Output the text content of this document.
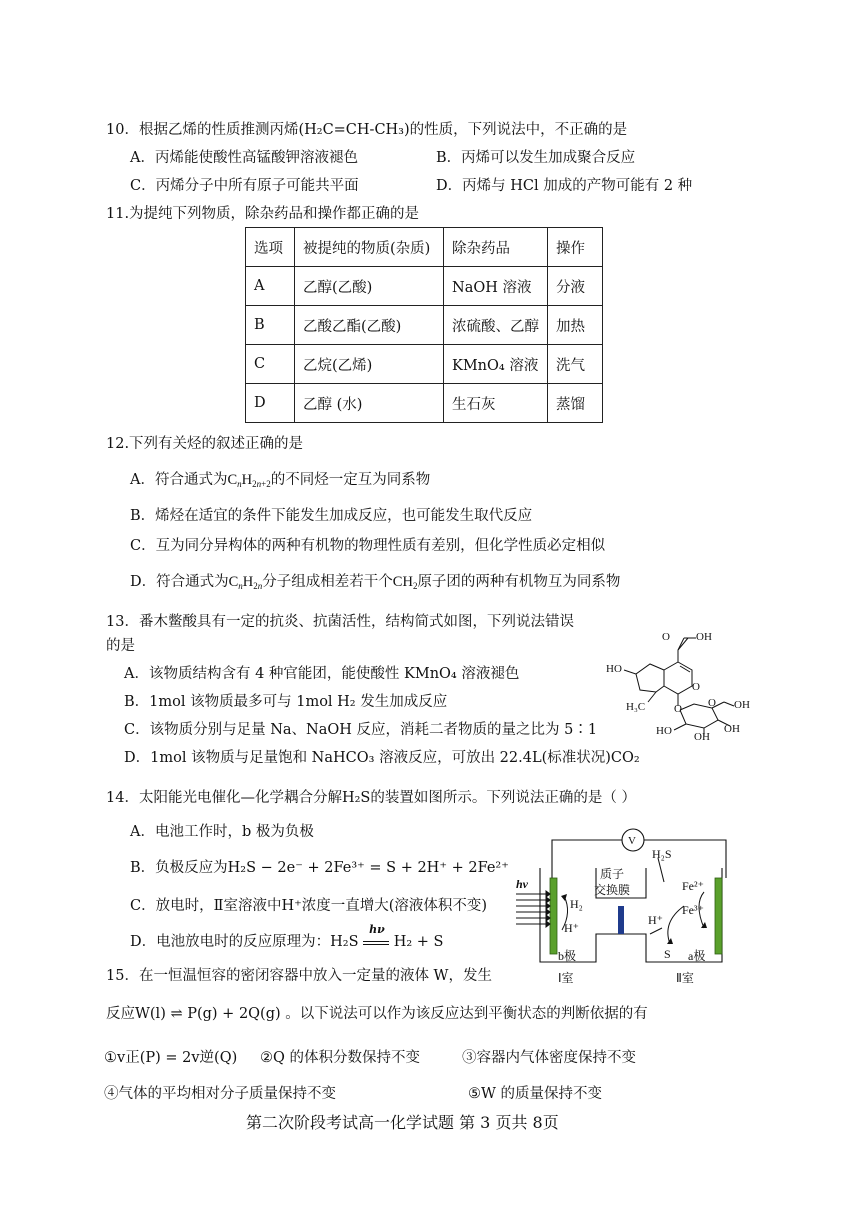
10．根据乙烯的性质推测丙烯(H₂C=CH-CH₃)的性质，下列说法中，不正确的是
A．丙烯能使酸性高锰酸钾溶液褪色	B．丙烯可以发生加成聚合反应
C．丙烯分子中所有原子可能共平面	D．丙烯与 HCl 加成的产物可能有 2 种
11.为提纯下列物质，除杂药品和操作都正确的是
选项	被提纯的物质(杂质)	除杂药品	操作
A	乙醇(乙酸)	NaOH 溶液	分液
B	乙酸乙酯(乙酸)	浓硫酸、乙醇	加热
C	乙烷(乙烯)	KMnO₄ 溶液	洗气
D	乙醇 (水)	生石灰	蒸馏
12.下列有关烃的叙述正确的是
A．符合通式为$C_nH_{2n+2}$的不同烃一定互为同系物
B．烯烃在适宜的条件下能发生加成反应，也可能发生取代反应
C．互为同分异构体的两种有机物的物理性质有差别，但化学性质必定相似
D．符合通式为$C_nH_{2n}$分子组成相差若干个$CH_2$原子团的两种有机物互为同系物
13．番木鳖酸具有一定的抗炎、抗菌活性，结构简式如图，下列说法错误
的是
A．该物质结构含有 4 种官能团，能使酸性 KMnO₄ 溶液褪色
B．1mol 该物质最多可与 1mol H₂ 发生加成反应
C．该物质分别与足量 Na、NaOH 反应，消耗二者物质的量之比为 5∶1
D．1mol 该物质与足量饱和 NaHCO₃ 溶液反应，可放出 22.4L(标准状况)CO₂
O OH
HO
O
H₃C	O O OH
OH
HO OH
14．太阳能光电催化—化学耦合分解H₂S的装置如图所示。下列说法正确的是（ ）
A．电池工作时，b 极为负极
B．负极反应为H₂S − 2e⁻ + 2Fe³⁺ = S + 2H⁺ + 2Fe²⁺
C．放电时，Ⅱ室溶液中H⁺浓度一直增大(溶液体积不变)
D．电池放电时的反应原理为：H₂S
hν
H₂ + S
V
H₂S
质子
交换膜
hν
H₂
H⁺
Fe²⁺
Fe³⁺
H⁺
S
b极	a极
Ⅰ室	Ⅱ室
15．在一恒温恒容的密闭容器中放入一定量的液体 W，发生
反应W(l) ⇌ P(g) + 2Q(g) 。以下说法可以作为该反应达到平衡状态的判断依据的有
①v正(P) = 2v逆(Q) ②Q 的体积分数保持不变	③容器内气体密度保持不变
④气体的平均相对分子质量保持不变	⑤W 的质量保持不变
第二次阶段考试高一化学试题 第 3 页共 8页
